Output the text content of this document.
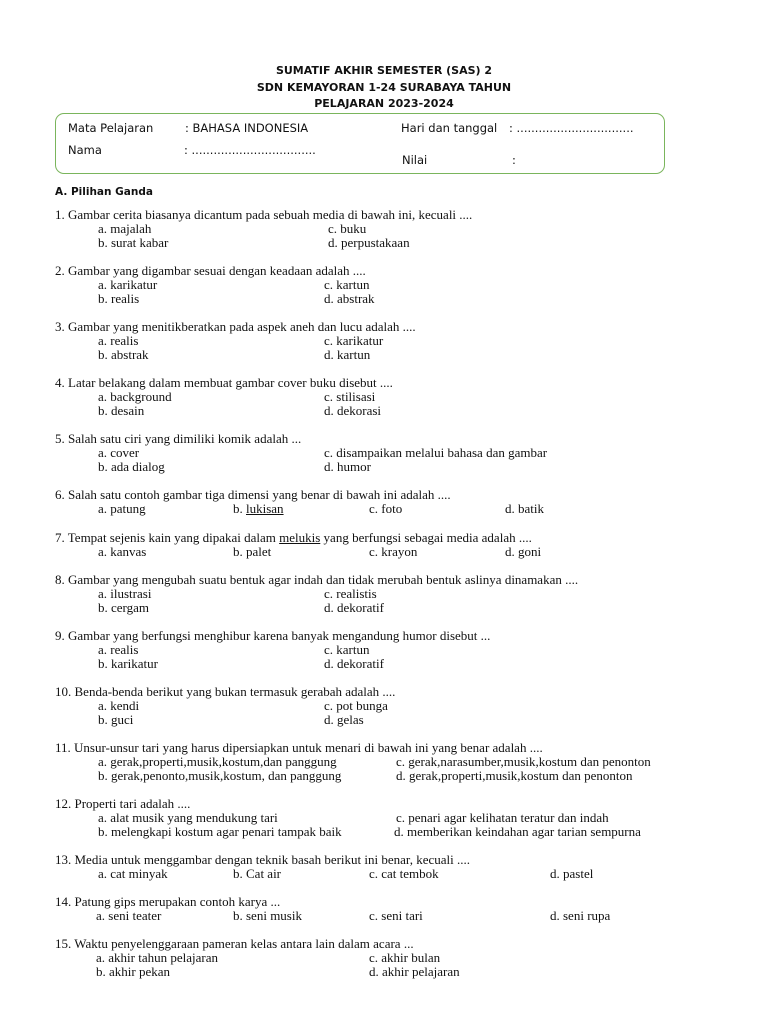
SUMATIF AKHIR SEMESTER (SAS) 2
SDN KEMAYORAN 1-24 SURABAYA TAHUN
PELAJARAN 2023-2024
Mata Pelajaran	: BAHASA INDONESIA
Nama	: ..................................
Hari dan tanggal : ................................
Nilai	:
A. Pilihan Ganda
1. Gambar cerita biasanya dicantum pada sebuah media di bawah ini, kecuali ....
a. majalah	c. buku
b. surat kabar	d. perpustakaan
2. Gambar yang digambar sesuai dengan keadaan adalah ....
a. karikatur	c. kartun
b. realis	d. abstrak
3. Gambar yang menitikberatkan pada aspek aneh dan lucu adalah ....
a. realis	c. karikatur
b. abstrak	d. kartun
4. Latar belakang dalam membuat gambar cover buku disebut ....
a. background	c. stilisasi
b. desain	d. dekorasi
5. Salah satu ciri yang dimiliki komik adalah ...
a. cover	c. disampaikan melalui bahasa dan gambar
b. ada dialog	d. humor
6. Salah satu contoh gambar tiga dimensi yang benar di bawah ini adalah ....
a. patung	b. lukisan	c. foto	d. batik
7. Tempat sejenis kain yang dipakai dalam melukis yang berfungsi sebagai media adalah ....
a. kanvas	b. palet	c. krayon	d. goni
8. Gambar yang mengubah suatu bentuk agar indah dan tidak merubah bentuk aslinya dinamakan ....
a. ilustrasi	c. realistis
b. cergam	d. dekoratif
9. Gambar yang berfungsi menghibur karena banyak mengandung humor disebut ...
a. realis	c. kartun
b. karikatur	d. dekoratif
10. Benda-benda berikut yang bukan termasuk gerabah adalah ....
a. kendi	c. pot bunga
b. guci	d. gelas
11. Unsur-unsur tari yang harus dipersiapkan untuk menari di bawah ini yang benar adalah ....
a. gerak,properti,musik,kostum,dan panggung	c. gerak,narasumber,musik,kostum dan penonton
b. gerak,penonto,musik,kostum, dan panggung	d. gerak,properti,musik,kostum dan penonton
12. Properti tari adalah ....
a. alat musik yang mendukung tari	c. penari agar kelihatan teratur dan indah
b. melengkapi kostum agar penari tampak baik	d. memberikan keindahan agar tarian sempurna
13. Media untuk menggambar dengan teknik basah berikut ini benar, kecuali ....
a. cat minyak	b. Cat air	c. cat tembok	d. pastel
14. Patung gips merupakan contoh karya ...
a. seni teater	b. seni musik	c. seni tari	d. seni rupa
15. Waktu penyelenggaraan pameran kelas antara lain dalam acara ...
a. akhir tahun pelajaran	c. akhir bulan
b. akhir pekan	d. akhir pelajaran
